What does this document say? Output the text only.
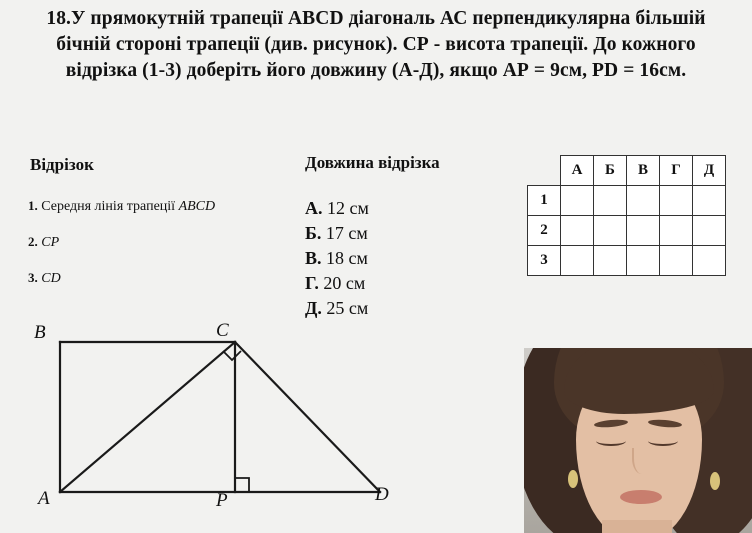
18.У прямокутній трапеції ABCD діагональ АС перпендикулярна більшій бічній стороні трапеції (див. рисунок). СР - висота трапеції. До кожного відрізка (1-3) доберіть його довжину (А-Д), якщо АР = 9см, PD = 16см.
Відрізок	Довжина відрізка
1. Середня лінія трапеції ABCD
2. СР
3. CD
А. 12 см
Б. 17 см
В. 18 см
Г. 20 см
Д. 25 см
	А	Б	В	Г	Д
1					
2					
3					
B	C
A	P	D
